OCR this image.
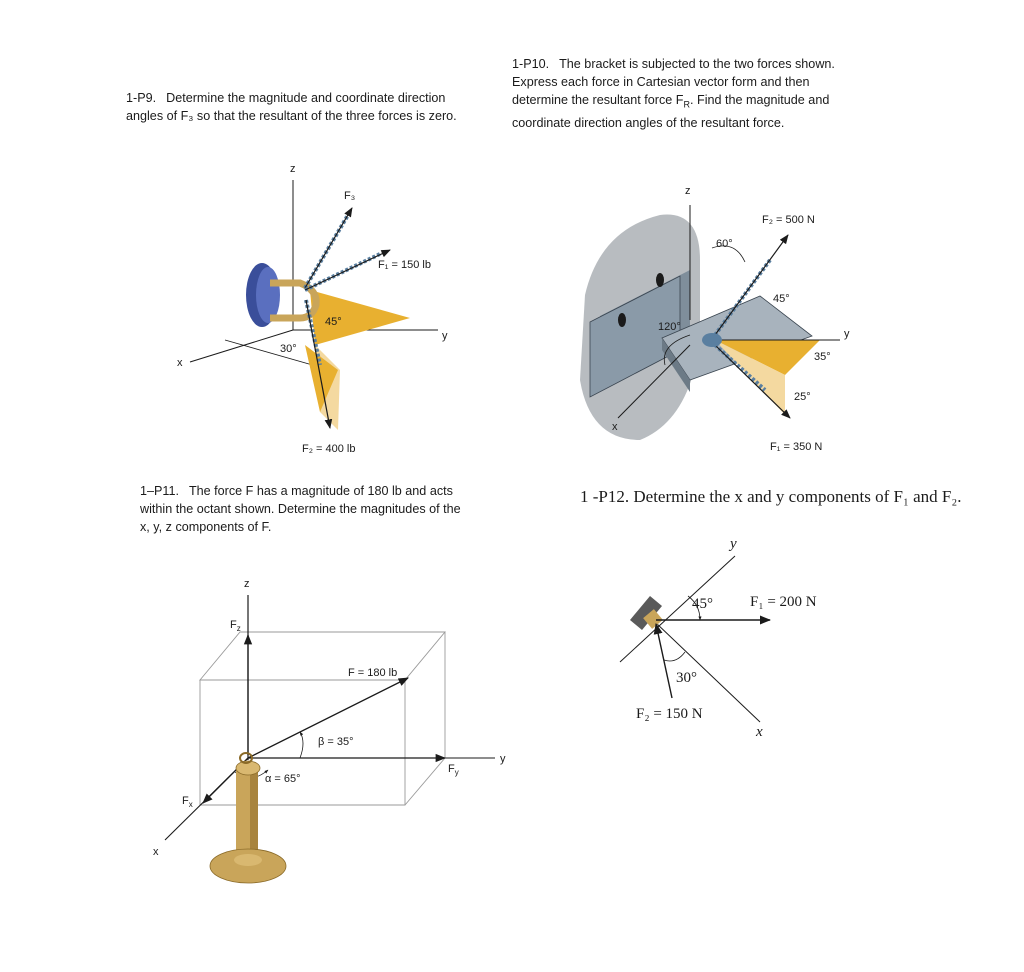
1-P9. Determine the magnitude and coordinate direction
angles of F₃ so that the resultant of the three forces is zero.
1-P10. The bracket is subjected to the two forces shown.
Express each force in Cartesian vector form and then
determine the resultant force $F_R$. Find the magnitude and
coordinate direction angles of the resultant force.
1–P11. The force F has a magnitude of 180 lb and acts
within the octant shown. Determine the magnitudes of the
x, y, z components of F.
1 -P12. Determine the x and y components of F₁ and F₂.
z
x
y
F₃
F₁ = 150 lb
F₂ = 400 lb
45°
30°
z
x
y
F₂ = 500 N
F₁ = 350 N
60°
45°
120°
35°
25°
z
x
y
$F_z$
$F_x$
$F_y$
F = 180 lb
β = 35°
α = 65°
y
x
F₁ = 200 N
F₂ = 150 N
45°
30°
